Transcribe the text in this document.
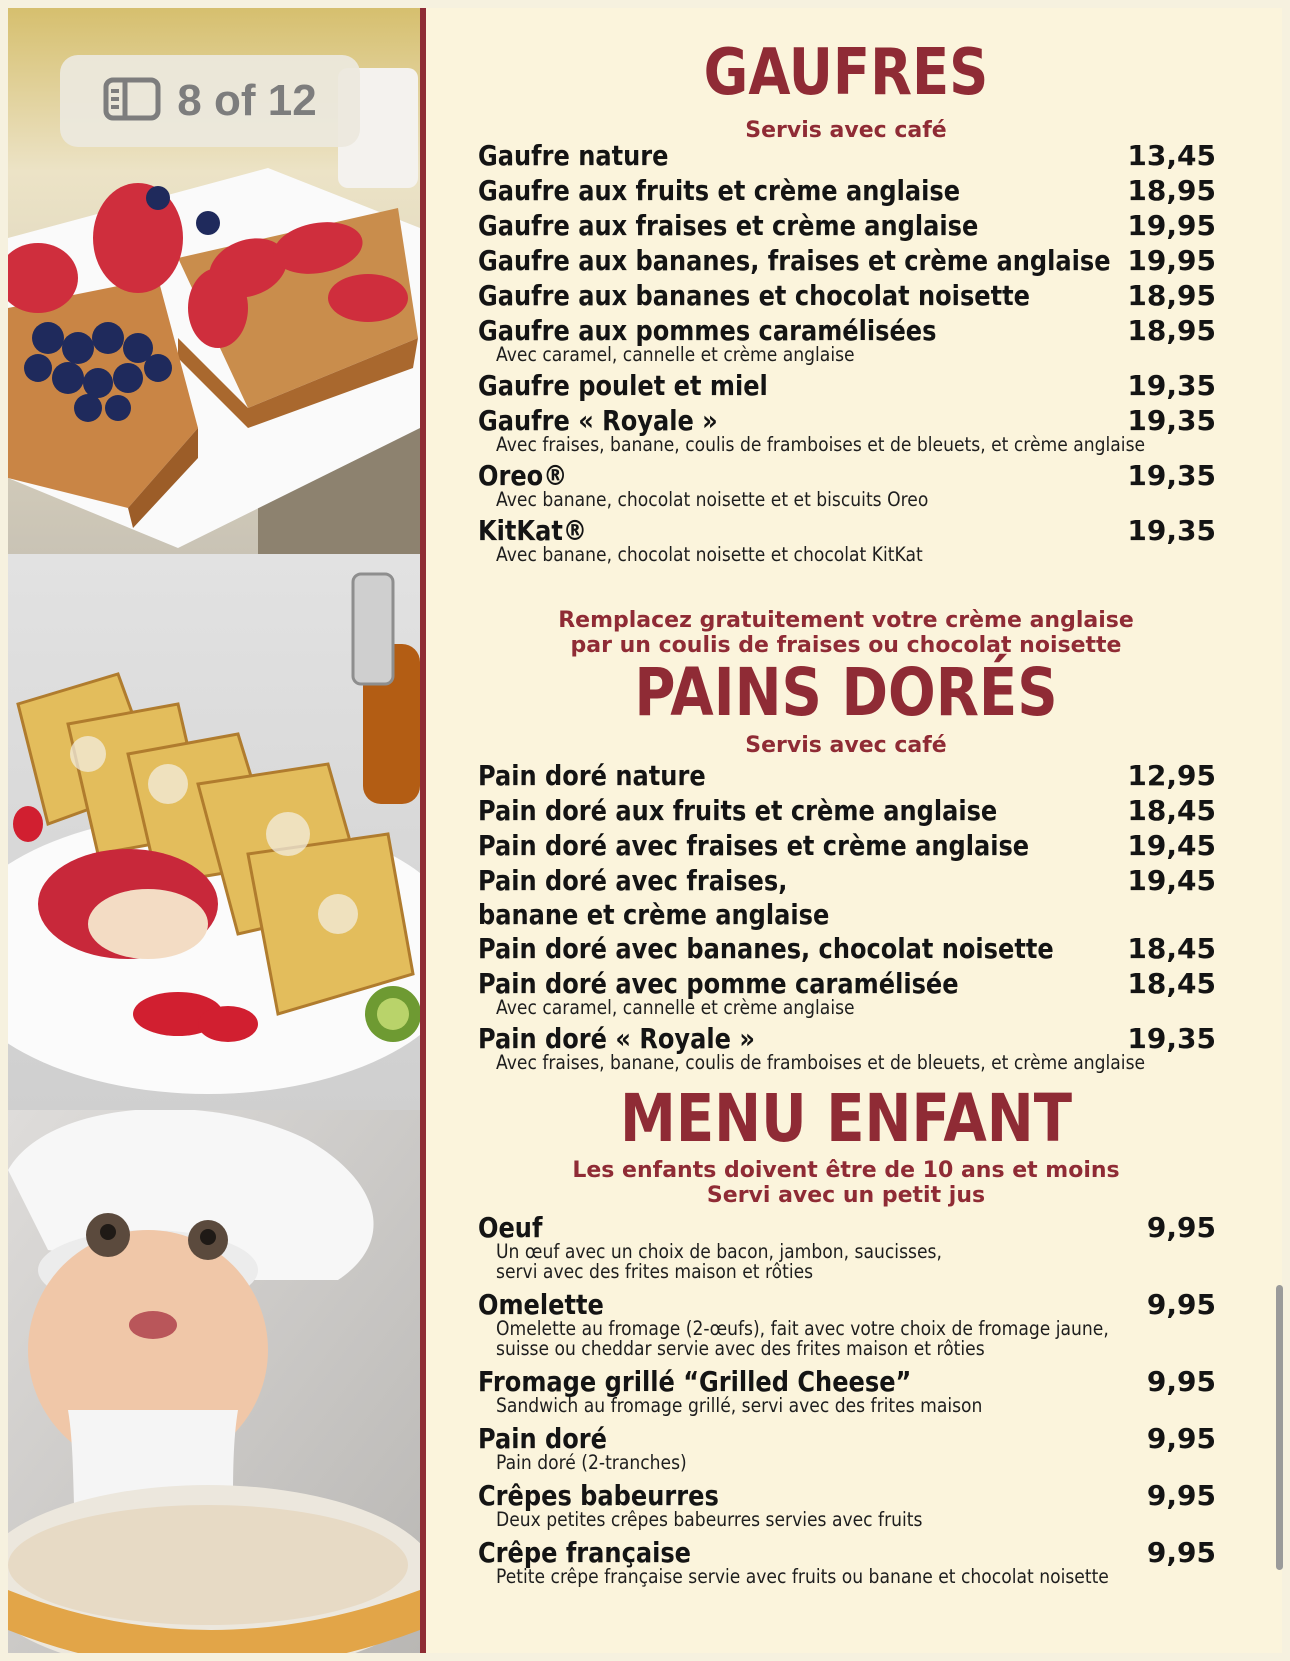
8 of 12	GAUFRES
Servis avec café
Gaufre nature	13,45
Gaufre aux fruits et crème anglaise	18,95
Gaufre aux fraises et crème anglaise	19,95
Gaufre aux bananes, fraises et crème anglaise 19,95
Gaufre aux bananes et chocolat noisette	18,95
Gaufre aux pommes caramélisées	18,95
Avec caramel, cannelle et crème anglaise
Gaufre poulet et miel	19,35
Gaufre « Royale »	19,35
Avec fraises, banane, coulis de framboises et de bleuets, et crème anglaise
Oreo®	19,35
Avec banane, chocolat noisette et et biscuits Oreo
KitKat®	19,35
Avec banane, chocolat noisette et chocolat KitKat
Remplacez gratuitement votre crème anglaise
par un coulis de fraises ou chocolat noisette
PAINS DORÉS
Servis avec café
Pain doré nature	12,95
Pain doré aux fruits et crème anglaise	18,45
Pain doré avec fraises et crème anglaise	19,45
Pain doré avec fraises,	19,45
banane et crème anglaise
Pain doré avec bananes, chocolat noisette	18,45
Pain doré avec pomme caramélisée	18,45
Avec caramel, cannelle et crème anglaise
Pain doré « Royale »	19,35
Avec fraises, banane, coulis de framboises et de bleuets, et crème anglaise
MENU ENFANT
Les enfants doivent être de 10 ans et moins
Servi avec un petit jus
Oeuf	9,95
Un œuf avec un choix de bacon, jambon, saucisses,
servi avec des frites maison et rôties
Omelette	9,95
Omelette au fromage (2-œufs), fait avec votre choix de fromage jaune,
suisse ou cheddar servie avec des frites maison et rôties
Fromage grillé “Grilled Cheese”	9,95
Sandwich au fromage grillé, servi avec des frites maison
Pain doré	9,95
Pain doré (2-tranches)
Crêpes babeurres	9,95
Deux petites crêpes babeurres servies avec fruits
Crêpe française	9,95
Petite crêpe française servie avec fruits ou banane et chocolat noisette
